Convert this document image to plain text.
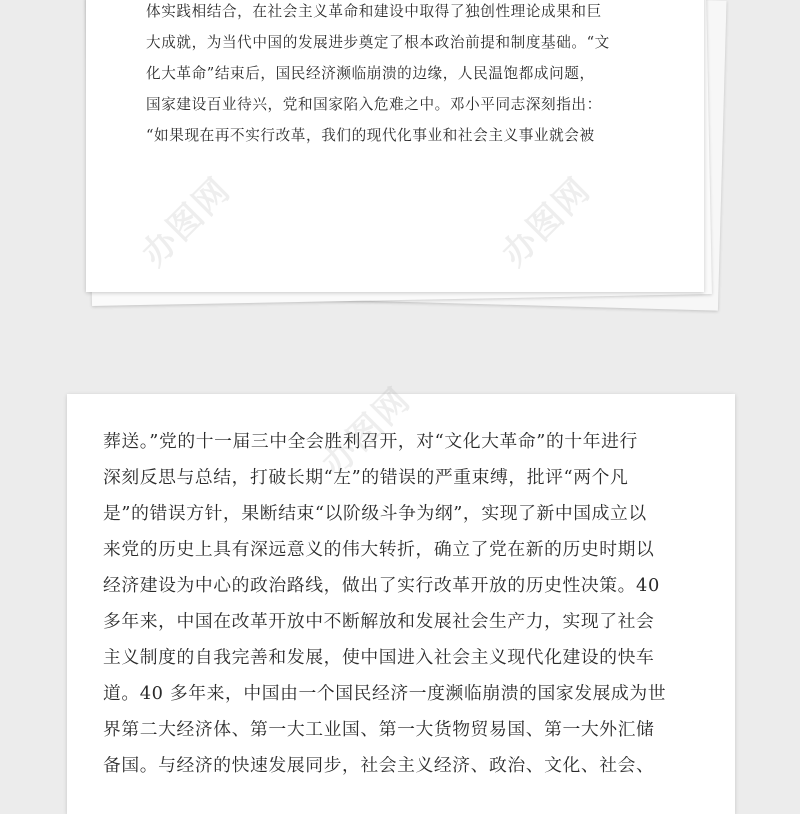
体实践相结合，在社会主义革命和建设中取得了独创性理论成果和巨
大成就，为当代中国的发展进步奠定了根本政治前提和制度基础。“文
化大革命”结束后，国民经济濒临崩溃的边缘，人民温饱都成问题，
国家建设百业待兴，党和国家陷入危难之中。邓小平同志深刻指出：
“如果现在再不实行改革，我们的现代化事业和社会主义事业就会被
葬送。”党的十一届三中全会胜利召开，对“文化大革命”的十年进行
深刻反思与总结，打破长期“左”的错误的严重束缚，批评“两个凡
是”的错误方针，果断结束“以阶级斗争为纲”，实现了新中国成立以
来党的历史上具有深远意义的伟大转折，确立了党在新的历史时期以
经济建设为中心的政治路线，做出了实行改革开放的历史性决策。40
多年来，中国在改革开放中不断解放和发展社会生产力，实现了社会
主义制度的自我完善和发展，使中国进入社会主义现代化建设的快车
道。40 多年来，中国由一个国民经济一度濒临崩溃的国家发展成为世
界第二大经济体、第一大工业国、第一大货物贸易国、第一大外汇储
备国。与经济的快速发展同步，社会主义经济、政治、文化、社会、
办图网	办图网
办图网
